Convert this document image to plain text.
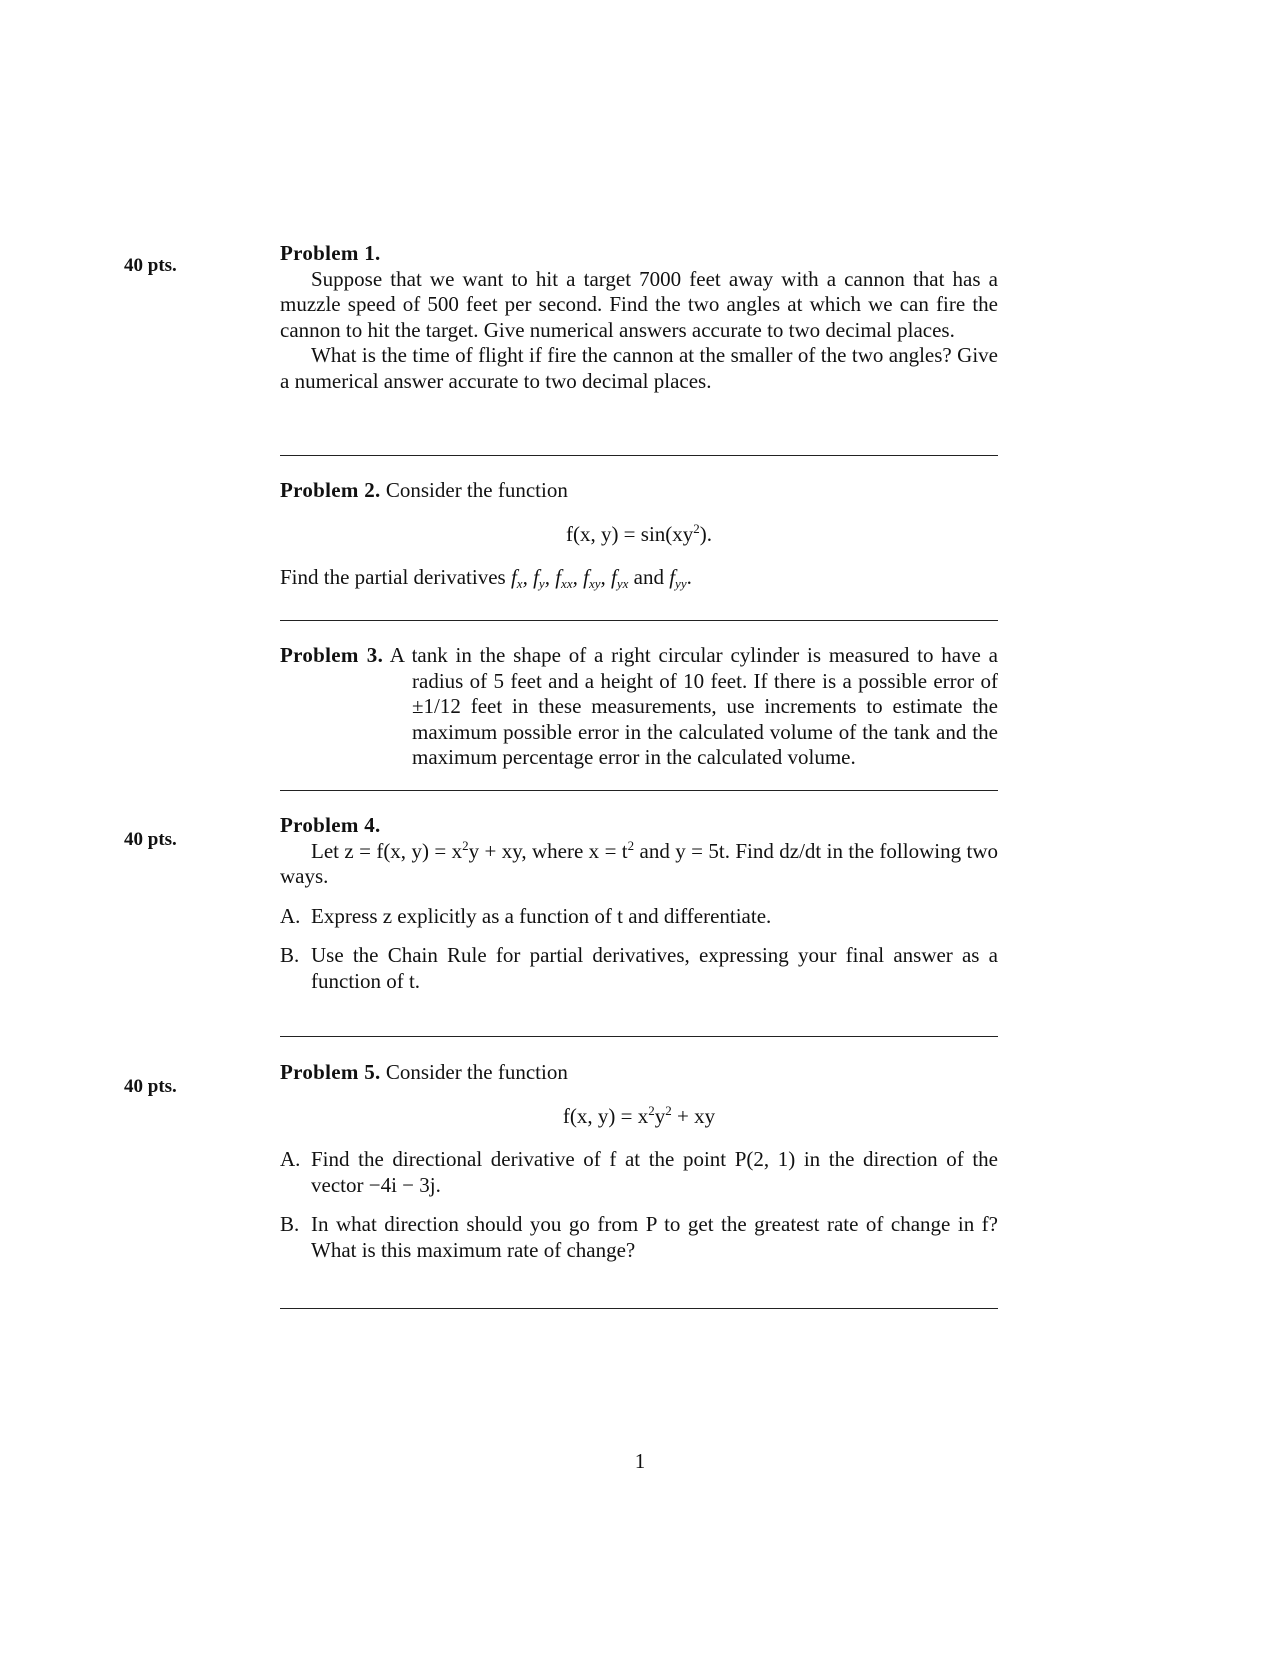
40 pts.

Problem 1.

Suppose that we want to hit a target 7000 feet away with a cannon that has a muzzle speed of 500 feet per second. Find the two angles at which we can fire the cannon to hit the target. Give numerical answers accurate to two decimal places.

What is the time of flight if fire the cannon at the smaller of the two angles? Give a numerical answer accurate to two decimal places.

Problem 2. Consider the function

f(x, $y) = \sin(xy^2)$.

Find the partial derivatives $f_x$, $f_y$, $f_{xx}$, $f_{xy}$, $f_{yx}$ and $f_{yy}$.

Problem 3. A tank in the shape of a right circular cylinder is measured to have a radius of 5 feet and a height of 10 feet. If there is a possible error of ±1/12 feet in these measurements, use increments to estimate the maximum possible error in the calculated volume of the tank and the maximum percentage error in the calculated volume.

40 pts.

Problem 4.

Let z = f(x, $y) = x^2y$ + xy, where $x = t^2$ and y = 5t. Find dz/dt in the following two ways.

A. Express z explicitly as a function of t and differentiate.
B. Use the Chain Rule for partial derivatives, expressing your final answer as a function of t.
40 pts.

Problem 5. Consider the function

f(x, $y) = x^2y^2$ + xy

A. Find the directional derivative of f at the point P(2, 1) in the direction of the vector −4i − 3j.
B. In what direction should you go from P to get the greatest rate of change in f? What is this maximum rate of change?
1
